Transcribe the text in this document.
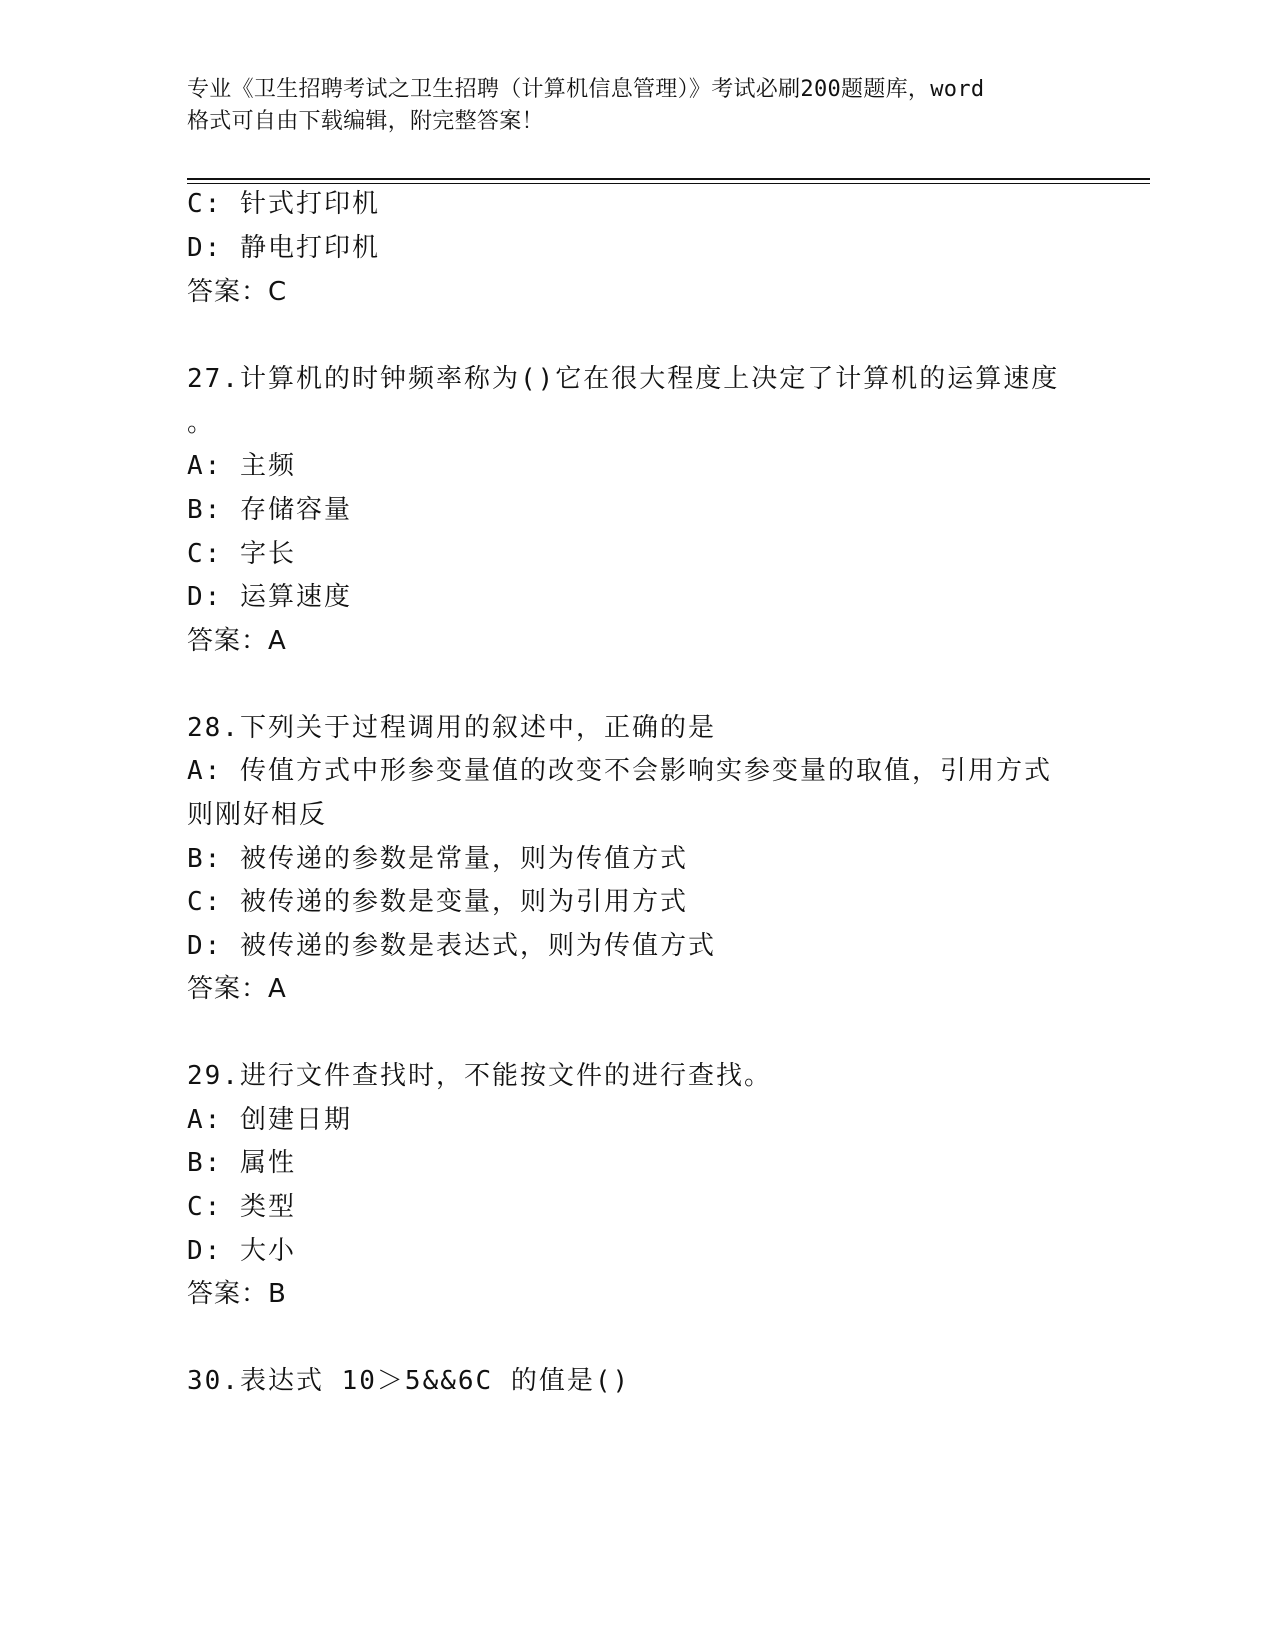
专业《卫生招聘考试之卫生招聘（计算机信息管理）》考试必刷200题题库，word
格式可自由下载编辑，附完整答案！
C: 针式打印机
D: 静电打印机
答案：C
27.计算机的时钟频率称为()它在很大程度上决定了计算机的运算速度
。
A: 主频
B: 存储容量
C: 字长
D: 运算速度
答案：A
28.下列关于过程调用的叙述中，正确的是
A: 传值方式中形参变量值的改变不会影响实参变量的取值，引用方式
则刚好相反
B: 被传递的参数是常量，则为传值方式
C: 被传递的参数是变量，则为引用方式
D: 被传递的参数是表达式，则为传值方式
答案：A
29.进行文件查找时，不能按文件的进行查找。
A: 创建日期
B: 属性
C: 类型
D: 大小
答案：B
30.表达式 10＞5&&6C 的值是()
